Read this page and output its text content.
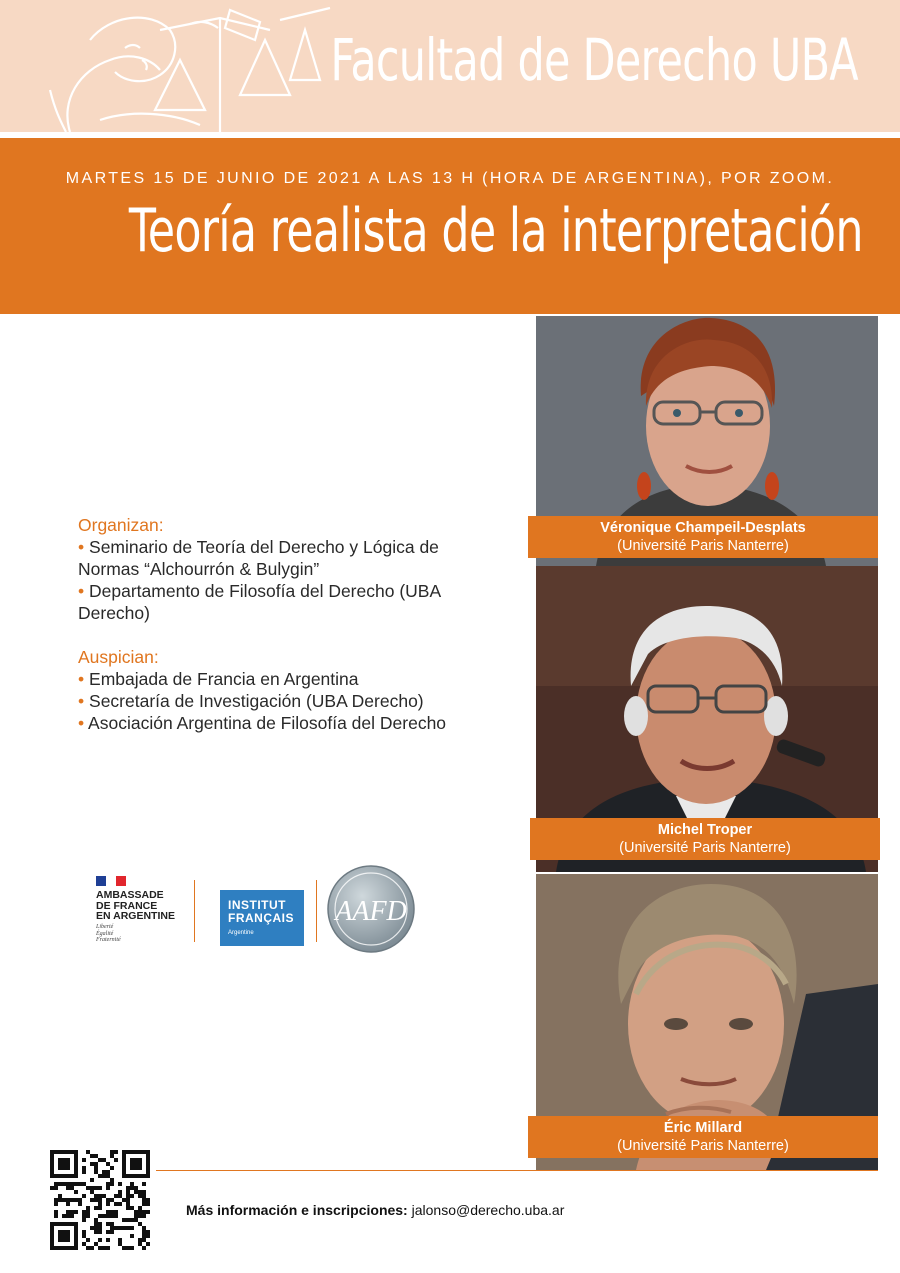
Facultad de Derecho UBA
MARTES 15 DE JUNIO DE 2021 A LAS 13 H (HORA DE ARGENTINA), POR ZOOM.
Teoría realista de la interpretación
Organizan:
• Seminario de Teoría del Derecho y Lógica de Normas “Alchourrón & Bulygin”
• Departamento de Filosofía del Derecho (UBA Derecho)
Auspician:
• Embajada de Francia en Argentina
• Secretaría de Investigación (UBA Derecho)
• Asociación Argentina de Filosofía del Derecho
AMBASSADE
DE FRANCE
EN ARGENTINE
Liberté
Égalité
Fraternité
INSTITUT
FRANÇAIS
Argentine
AAFD
Véronique Champeil-Desplats
(Université Paris Nanterre)
Michel Troper
(Université Paris Nanterre)
Éric Millard
(Université Paris Nanterre)
Más información e inscripciones: jalonso@derecho.uba.ar
